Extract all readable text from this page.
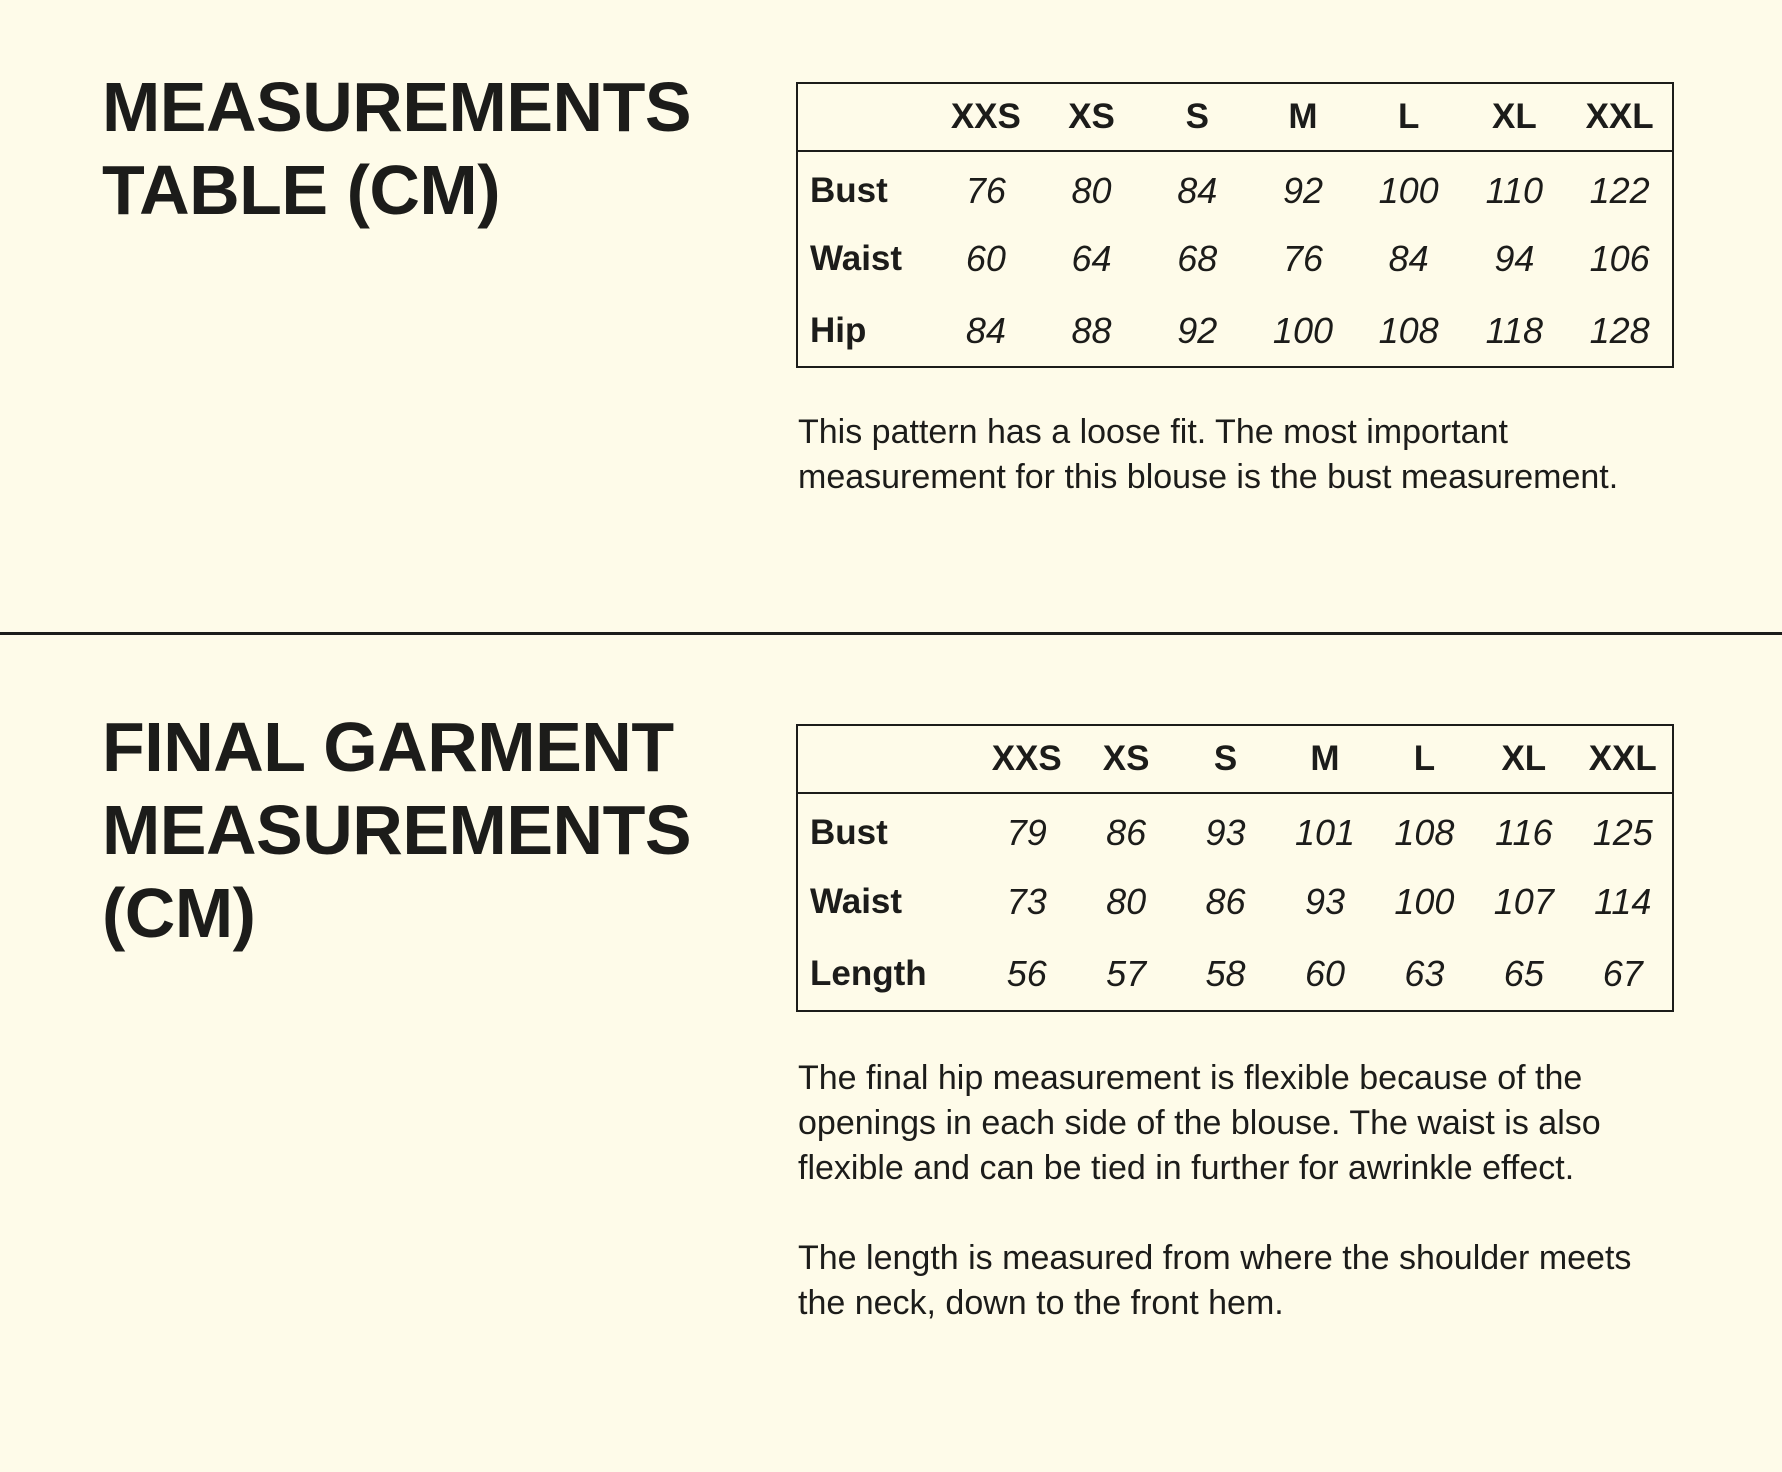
MEASUREMENTS
TABLE (CM)
	XXS	XS	S	M	L	XL	XXL
Bust	76	80	84	92	100	110	122
Waist	60	64	68	76	84	94	106
Hip	84	88	92	100	108	118	128

This pattern has a loose fit. The most important measurement for this blouse is the bust measurement.

FINAL GARMENT
MEASUREMENTS
(CM)
	XXS	XS	S	M	L	XL	XXL
Bust	79	86	93	101	108	116	125
Waist	73	80	86	93	100	107	114
Length	56	57	58	60	63	65	67

The final hip measurement is flexible because of the openings in each side of the blouse. The waist is also flexible and can be tied in further for awrinkle effect.

The length is measured from where the shoulder meets the neck, down to the front hem.
